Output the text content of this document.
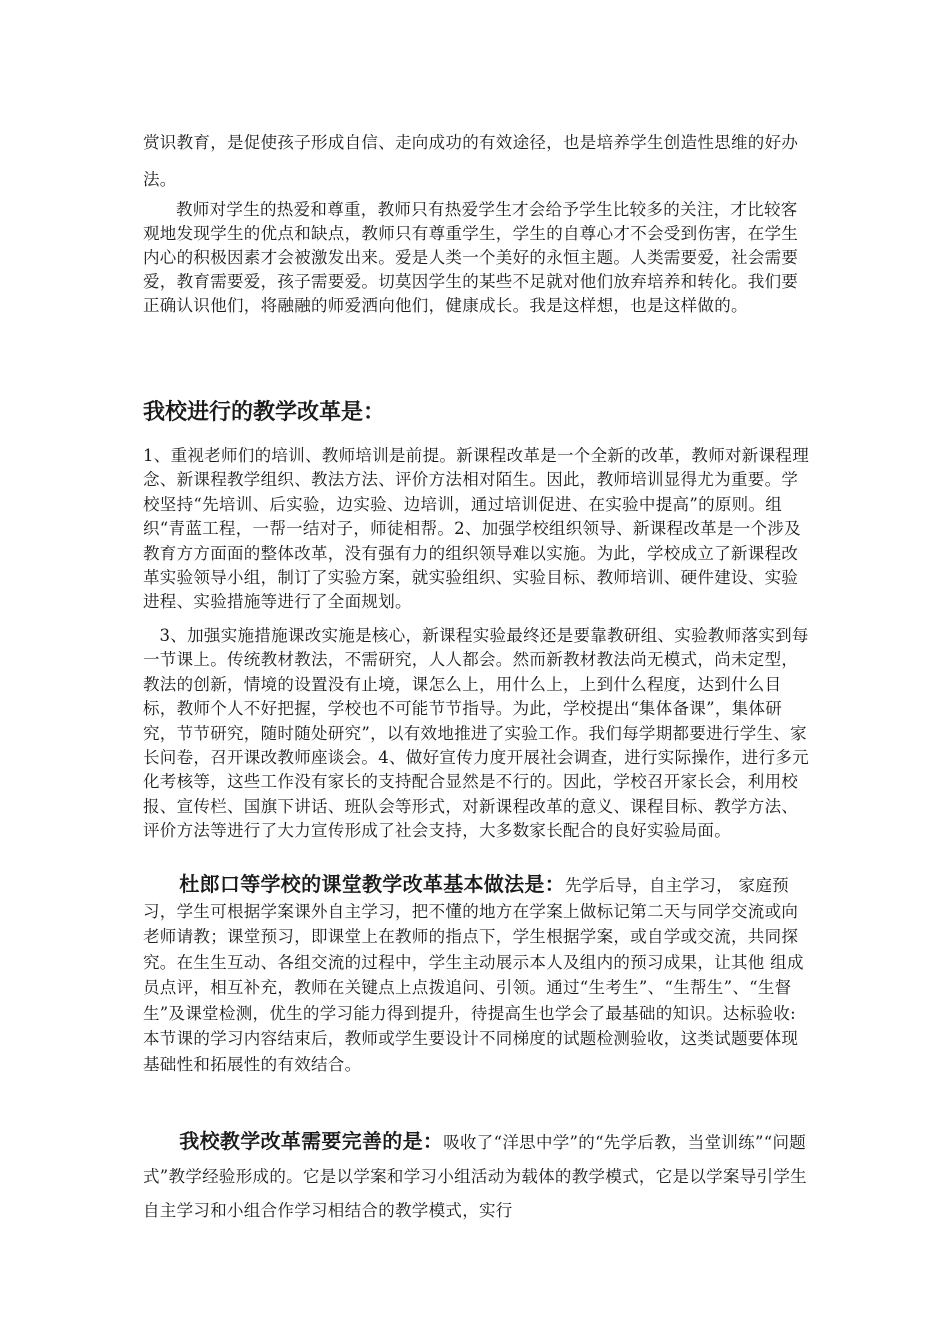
赏识教育，是促使孩子形成自信、走向成功的有效途径，也是培养学生创造性思维的好办法。

教师对学生的热爱和尊重，教师只有热爱学生才会给予学生比较多的关注，才比较客观地发现学生的优点和缺点，教师只有尊重学生，学生的自尊心才不会受到伤害，在学生内心的积极因素才会被激发出来。爱是人类一个美好的永恒主题。人类需要爱，社会需要爱，教育需要爱，孩子需要爱。切莫因学生的某些不足就对他们放弃培养和转化。我们要正确认识他们，将融融的师爱洒向他们，健康成长。我是这样想，也是这样做的。

我校进行的教学改革是：

1、重视老师们的培训、教师培训是前提。新课程改革是一个全新的改革，教师对新课程理念、新课程教学组织、教法方法、评价方法相对陌生。因此，教师培训显得尤为重要。学校坚持“先培训、后实验，边实验、边培训，通过培训促进、在实验中提高”的原则。组织“青蓝工程，一帮一结对子，师徒相帮。2、加强学校组织领导、新课程改革是一个涉及教育方方面面的整体改革，没有强有力的组织领导难以实施。为此，学校成立了新课程改革实验领导小组，制订了实验方案，就实验组织、实验目标、教师培训、硬件建设、实验进程、实验措施等进行了全面规划。

3、加强实施措施课改实施是核心，新课程实验最终还是要靠教研组、实验教师落实到每一节课上。传统教材教法，不需研究，人人都会。然而新教材教法尚无模式，尚未定型，教法的创新，情境的设置没有止境，课怎么上，用什么上，上到什么程度，达到什么目标，教师个人不好把握，学校也不可能节节指导。为此，学校提出“集体备课”，集体研究，节节研究，随时随处研究”，以有效地推进了实验工作。我们每学期都要进行学生、家长问卷，召开课改教师座谈会。4、做好宣传力度开展社会调查，进行实际操作，进行多元化考核等，这些工作没有家长的支持配合显然是不行的。因此，学校召开家长会，利用校报、宣传栏、国旗下讲话、班队会等形式，对新课程改革的意义、课程目标、教学方法、评价方法等进行了大力宣传形成了社会支持，大多数家长配合的良好实验局面。

杜郎口等学校的课堂教学改革基本做法是：先学后导，自主学习， 家庭预习，学生可根据学案课外自主学习，把不懂的地方在学案上做标记第二天与同学交流或向老师请教；课堂预习，即课堂上在教师的指点下，学生根据学案，或自学或交流，共同探究。在生生互动、各组交流的过程中，学生主动展示本人及组内的预习成果，让其他 组成员点评，相互补充，教师在关键点上点拨追问、引领。通过“生考生”、“生帮生”、“生督生”及课堂检测，优生的学习能力得到提升，待提高生也学会了最基础的知识。达标验收:本节课的学习内容结束后，教师或学生要设计不同梯度的试题检测验收，这类试题要体现基础性和拓展性的有效结合。

我校教学改革需要完善的是：吸收了“洋思中学”的“先学后教，当堂训练”“问题式”教学经验形成的。它是以学案和学习小组活动为载体的教学模式，它是以学案导引学生自主学习和小组合作学习相结合的教学模式，实行
